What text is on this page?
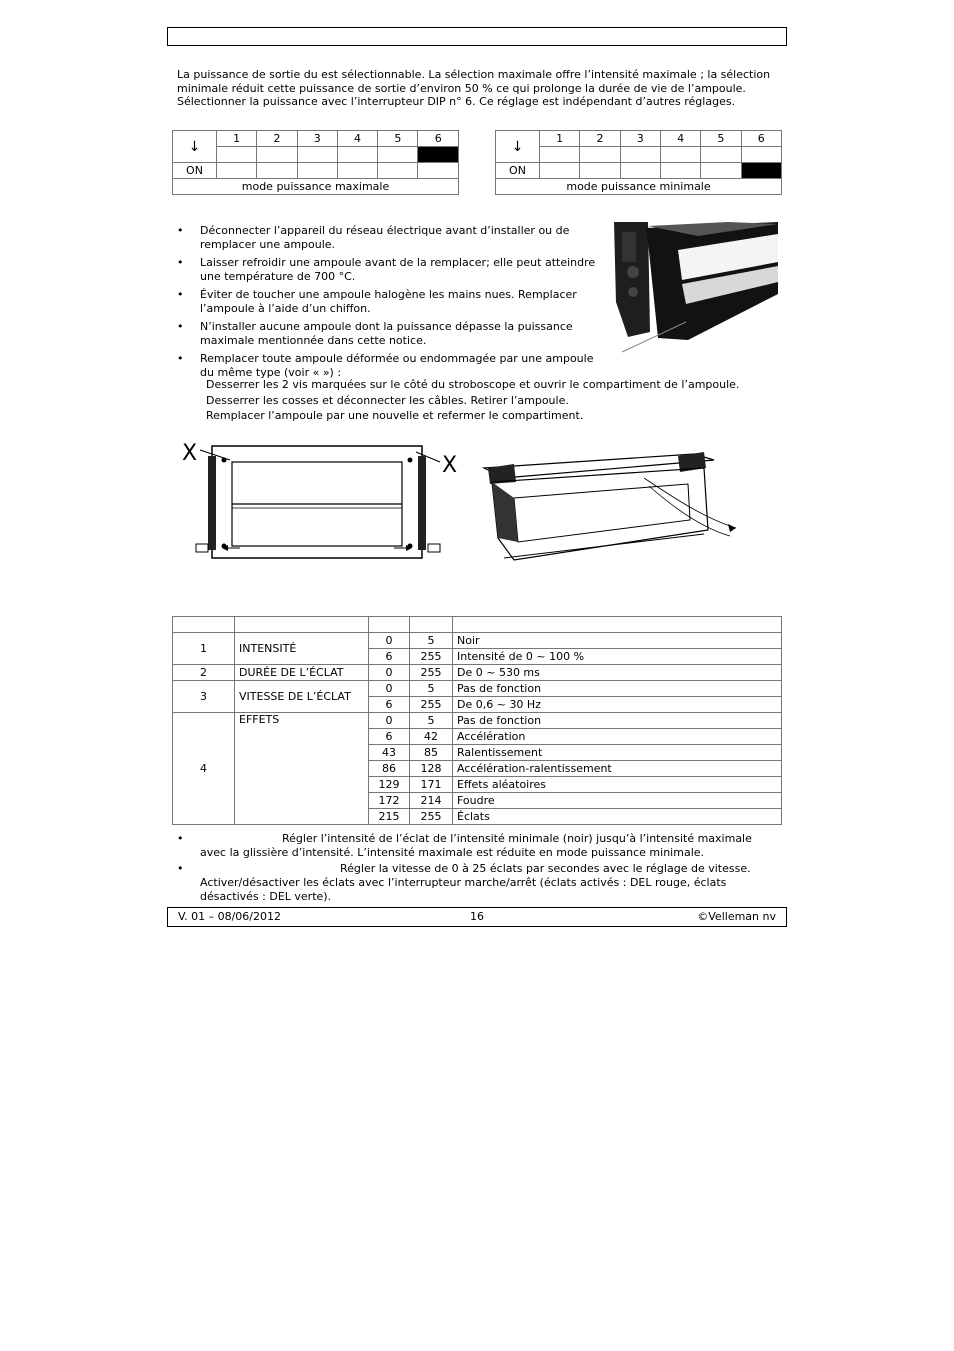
La puissance de sortie du est sélectionnable. La sélection maximale offre l’intensité maximale ; la sélection minimale réduit cette puissance de sortie d’environ 50 % ce qui prolonge la durée de vie de l’ampoule. Sélectionner la puissance avec l’interrupteur DIP n° 6. Ce réglage est indépendant d’autres réglages.
↓	1	2	3	4	5	6

ON						
mode puissance maximale						
↓	1	2	3	4	5	6

ON						
mode puissance minimale						
• Déconnecter l’appareil du réseau électrique avant d’installer ou de remplacer une ampoule.
• Laisser refroidir une ampoule avant de la remplacer; elle peut atteindre une température de 700 °C.
• Éviter de toucher une ampoule halogène les mains nues. Remplacer l’ampoule à l’aide d’un chiffon.
• N’installer aucune ampoule dont la puissance dépasse la puissance maximale mentionnée dans cette notice.
• Remplacer toute ampoule déformée ou endommagée par une ampoule du même type (voir « ») :
Desserrer les 2 vis marquées sur le côté du stroboscope et ouvrir le compartiment de l’ampoule.
Desserrer les cosses et déconnecter les câbles. Retirer l’ampoule.
Remplacer l’ampoule par une nouvelle et refermer le compartiment.
X	X

1	INTENSITÉ	0	5	Noir
		6	255	Intensité de 0 ~ 100 %
2	DURÉE DE L’ÉCLAT	0	255	De 0 ~ 530 ms
3	VITESSE DE L’ÉCLAT	0	5	Pas de fonction
		6	255	De 0,6 ~ 30 Hz
4	EFFETS	0	5	Pas de fonction
		6	42	Accélération
		43	85	Ralentissement
		86	128	Accélération-ralentissement
		129	171	Effets aléatoires
		172	214	Foudre
		215	255	Éclats
• Régler l’intensité de l’éclat de l’intensité minimale (noir) jusqu’à l’intensité maximale avec la glissière d’intensité. L’intensité maximale est réduite en mode puissance minimale.
• Régler la vitesse de 0 à 25 éclats par secondes avec le réglage de vitesse. Activer/désactiver les éclats avec l’interrupteur marche/arrêt (éclats activés : DEL rouge, éclats désactivés : DEL verte).
V. 01 – 08/06/2012	16	©Velleman nv
